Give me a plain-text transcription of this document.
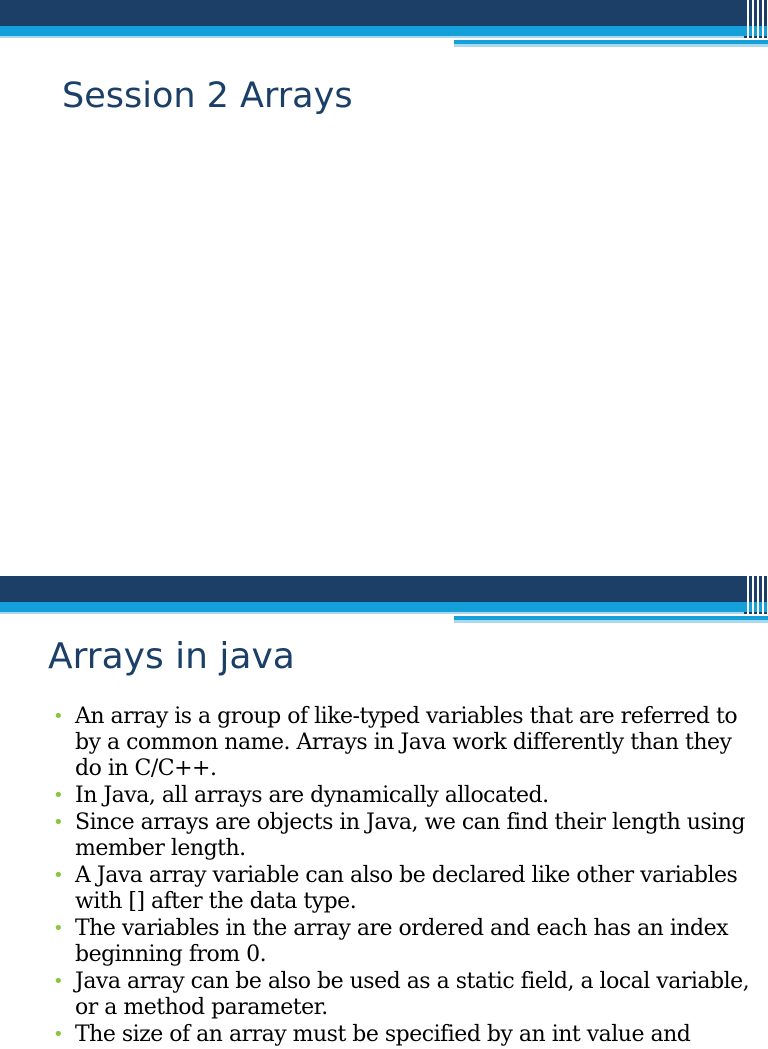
Session 2 Arrays
Arrays in java
• An array is a group of like-typed variables that are referred to by a common name. Arrays in Java work differently than they do in C/C++.
• In Java, all arrays are dynamically allocated.
• Since arrays are objects in Java, we can find their length using member length.
• A Java array variable can also be declared like other variables with [] after the data type.
• The variables in the array are ordered and each has an index beginning from 0.
• Java array can be also be used as a static field, a local variable, or a method parameter.
• The size of an array must be specified by an int value and
